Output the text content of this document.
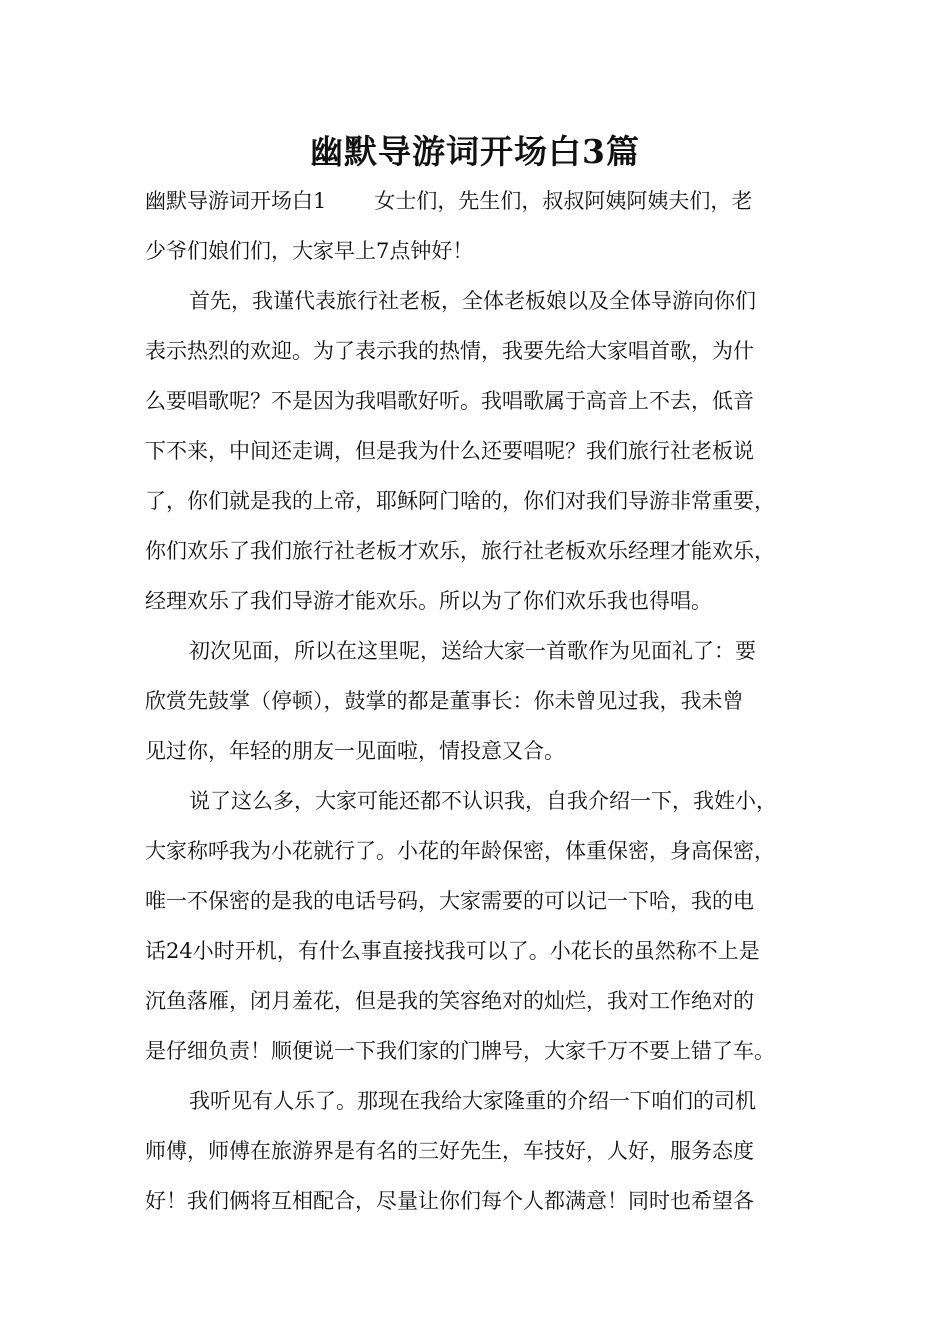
幽默导游词开场白3篇
幽默导游词开场白1 女士们，先生们，叔叔阿姨阿姨夫们，老
少爷们娘们们，大家早上7点钟好！
首先，我谨代表旅行社老板，全体老板娘以及全体导游向你们
表示热烈的欢迎。为了表示我的热情，我要先给大家唱首歌，为什
么要唱歌呢？不是因为我唱歌好听。我唱歌属于高音上不去，低音
下不来，中间还走调，但是我为什么还要唱呢？我们旅行社老板说
了，你们就是我的上帝，耶稣阿门啥的，你们对我们导游非常重要，
你们欢乐了我们旅行社老板才欢乐，旅行社老板欢乐经理才能欢乐，
经理欢乐了我们导游才能欢乐。所以为了你们欢乐我也得唱。
初次见面，所以在这里呢，送给大家一首歌作为见面礼了：要
欣赏先鼓掌（停顿），鼓掌的都是董事长：你未曾见过我，我未曾
见过你，年轻的朋友一见面啦，情投意又合。
说了这么多，大家可能还都不认识我，自我介绍一下，我姓小，
大家称呼我为小花就行了。小花的年龄保密，体重保密，身高保密，
唯一不保密的是我的电话号码，大家需要的可以记一下哈，我的电
话24小时开机，有什么事直接找我可以了。小花长的虽然称不上是
沉鱼落雁，闭月羞花，但是我的笑容绝对的灿烂，我对工作绝对的
是仔细负责！顺便说一下我们家的门牌号，大家千万不要上错了车。
我听见有人乐了。那现在我给大家隆重的介绍一下咱们的司机
师傅，师傅在旅游界是有名的三好先生，车技好，人好，服务态度
好！我们俩将互相配合，尽量让你们每个人都满意！同时也希望各
